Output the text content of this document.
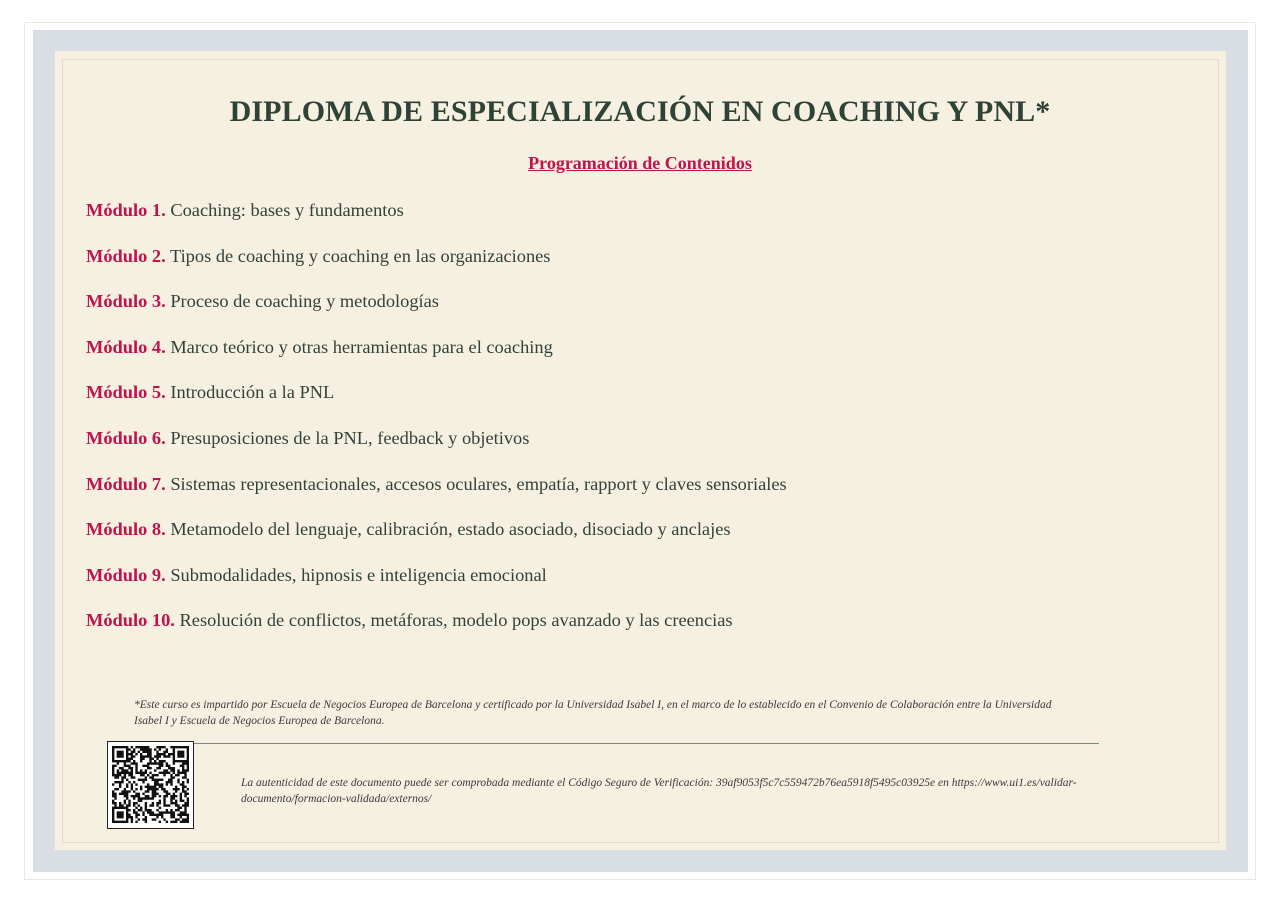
DIPLOMA DE ESPECIALIZACIÓN EN COACHING Y PNL*
Programación de Contenidos
Módulo 1. Coaching: bases y fundamentos
Módulo 2. Tipos de coaching y coaching en las organizaciones
Módulo 3. Proceso de coaching y metodologías
Módulo 4. Marco teórico y otras herramientas para el coaching
Módulo 5. Introducción a la PNL
Módulo 6. Presuposiciones de la PNL, feedback y objetivos
Módulo 7. Sistemas representacionales, accesos oculares, empatía, rapport y claves sensoriales
Módulo 8. Metamodelo del lenguaje, calibración, estado asociado, disociado y anclajes
Módulo 9. Submodalidades, hipnosis e inteligencia emocional
Módulo 10. Resolución de conflictos, metáforas, modelo pops avanzado y las creencias

*Este curso es impartido por Escuela de Negocios Europea de Barcelona y certificado por la Universidad Isabel I, en el marco de lo establecido en el Convenio de Colaboración entre la Universidad Isabel I y Escuela de Negocios Europea de Barcelona.

La autenticidad de este documento puede ser comprobada mediante el Código Seguro de Verificación: 39af9053f5c7c559472b76ea5918f5495c03925e en https://www.ui1.es/validar-documento/formacion-validada/externos/
